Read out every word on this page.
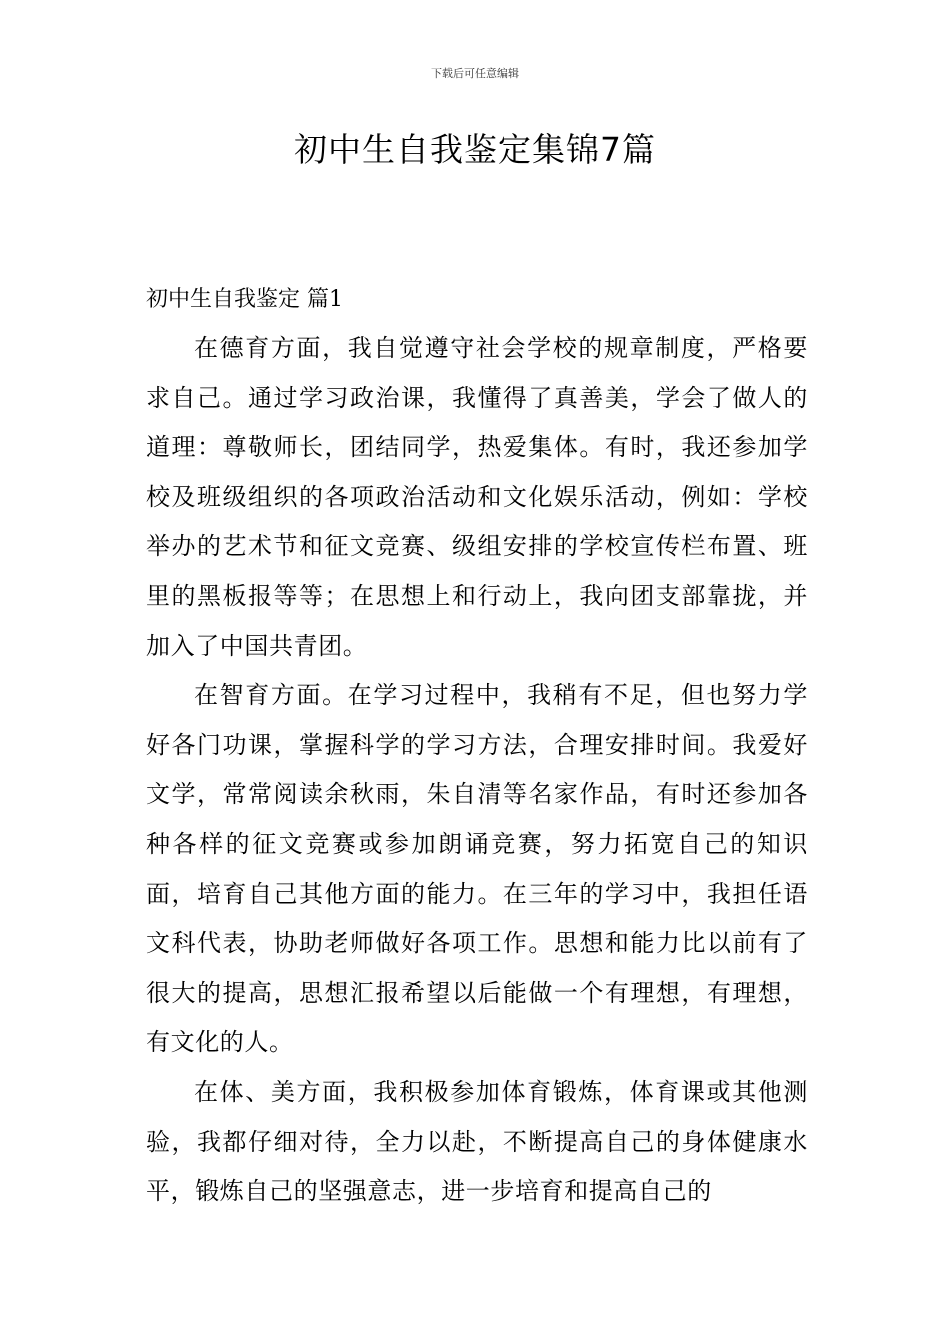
下载后可任意编辑
初中生自我鉴定集锦7篇
初中生自我鉴定 篇1

在德育方面，我自觉遵守社会学校的规章制度，严格要求自己。通过学习政治课，我懂得了真善美，学会了做人的道理：尊敬师长，团结同学，热爱集体。有时，我还参加学校及班级组织的各项政治活动和文化娱乐活动，例如：学校举办的艺术节和征文竞赛、级组安排的学校宣传栏布置、班里的黑板报等等；在思想上和行动上，我向团支部靠拢，并加入了中国共青团。

在智育方面。在学习过程中，我稍有不足，但也努力学好各门功课，掌握科学的学习方法，合理安排时间。我爱好文学，常常阅读余秋雨，朱自清等名家作品，有时还参加各种各样的征文竞赛或参加朗诵竞赛，努力拓宽自己的知识面，培育自己其他方面的能力。在三年的学习中，我担任语文科代表，协助老师做好各项工作。思想和能力比以前有了很大的提高，思想汇报希望以后能做一个有理想，有理想，有文化的人。

在体、美方面，我积极参加体育锻炼，体育课或其他测验，我都仔细对待，全力以赴，不断提高自己的身体健康水平，锻炼自己的坚强意志，进一步培育和提高自己的
